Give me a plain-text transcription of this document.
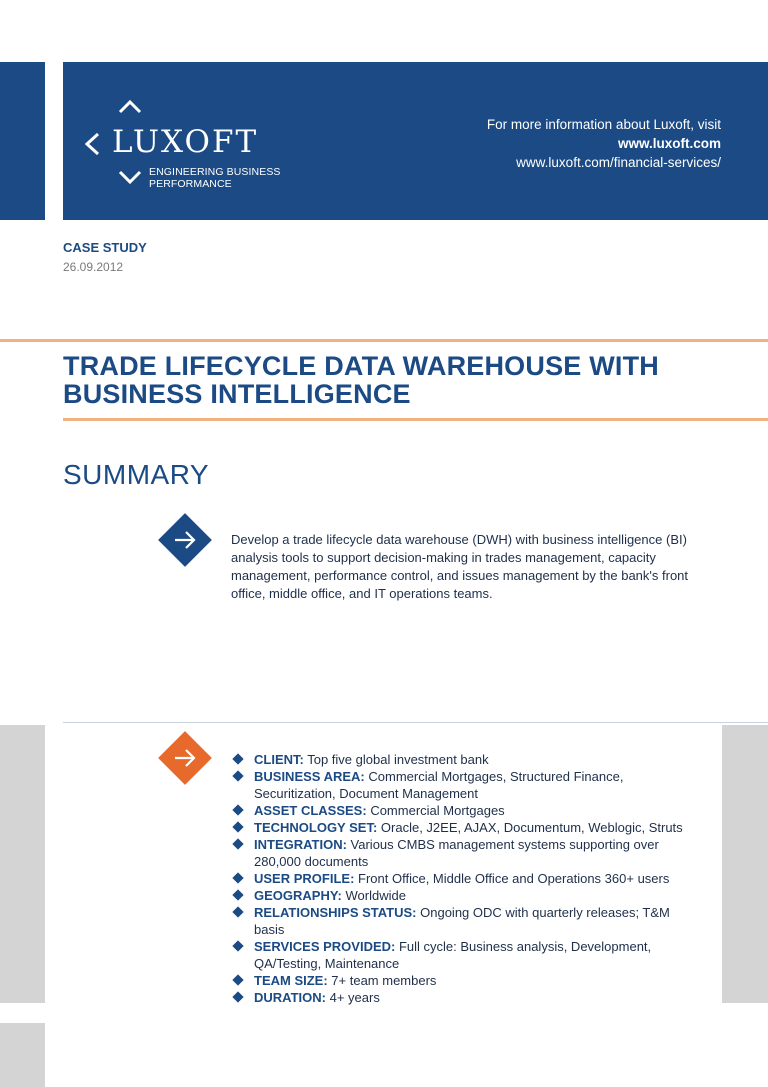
LUXOFT
ENGINEERING BUSINESS PERFORMANCE
For more information about Luxoft, visit
www.luxoft.com
www.luxoft.com/financial-services/
CASE STUDY
26.09.2012
TRADE LIFECYCLE DATA WAREHOUSE WITH BUSINESS INTELLIGENCE
SUMMARY
Develop a trade lifecycle data warehouse (DWH) with business intelligence (BI) analysis tools to support decision‐making in trades management, capacity management, performance control, and issues management by the bank's front office, middle office, and IT operations teams.
CLIENT: Top five global investment bank
BUSINESS AREA: Commercial Mortgages, Structured Finance, Securitization, Document Management
ASSET CLASSES: Commercial Mortgages
TECHNOLOGY SET: Oracle, J2EE, AJAX, Documentum, Weblogic, Struts
INTEGRATION: Various CMBS management systems supporting over 280,000 documents
USER PROFILE: Front Office, Middle Office and Operations 360+ users
GEOGRAPHY: Worldwide
RELATIONSHIPS STATUS: Ongoing ODC with quarterly releases; T&M basis
SERVICES PROVIDED: Full cycle: Business analysis, Development, QA/Testing, Maintenance
TEAM SIZE: 7+ team members
DURATION: 4+ years
